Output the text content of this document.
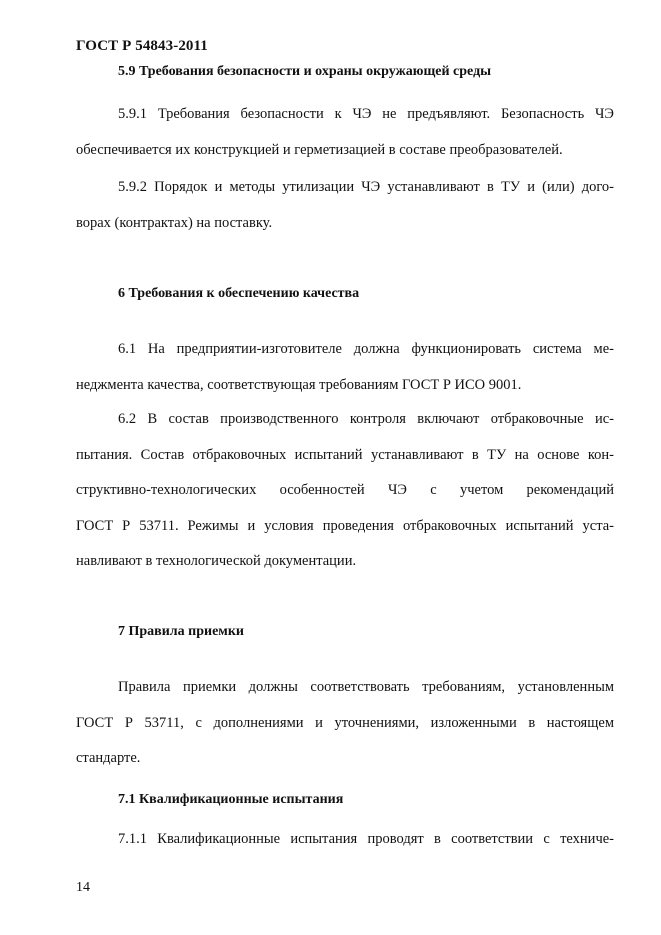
ГОСТ Р 54843-2011
5.9 Требования безопасности и охраны окружающей среды
5.9.1 Требования безопасности к ЧЭ не предъявляют. Безопасность ЧЭ
обеспечивается их конструкцией и герметизацией в составе преобразователей.
5.9.2 Порядок и методы утилизации ЧЭ устанавливают в ТУ и (или) дого-
ворах (контрактах) на поставку.
6 Требования к обеспечению качества
6.1 На предприятии-изготовителе должна функционировать система ме-
неджмента качества, соответствующая требованиям ГОСТ Р ИСО 9001.
6.2 В состав производственного контроля включают отбраковочные ис-
пытания. Состав отбраковочных испытаний устанавливают в ТУ на основе кон-
структивно-технологических особенностей ЧЭ с учетом рекомендаций
ГОСТ Р 53711. Режимы и условия проведения отбраковочных испытаний уста-
навливают в технологической документации.
7 Правила приемки
Правила приемки должны соответствовать требованиям, установленным
ГОСТ Р 53711, с дополнениями и уточнениями, изложенными в настоящем
стандарте.
7.1 Квалификационные испытания
7.1.1 Квалификационные испытания проводят в соответствии с техниче-
14
